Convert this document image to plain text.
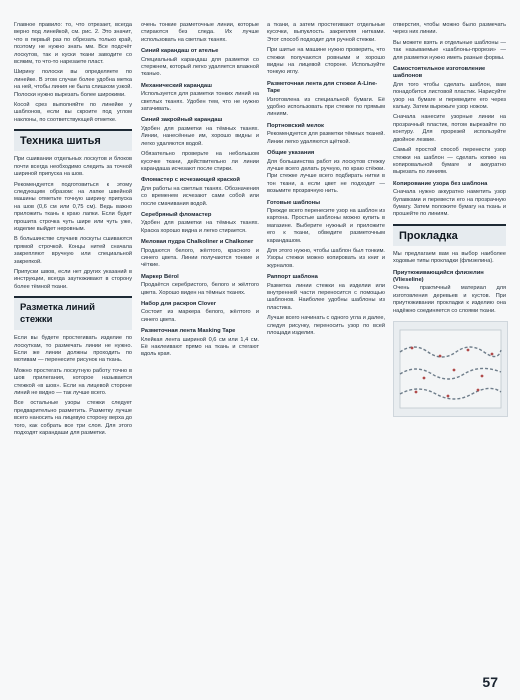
Главное правило: то, что отрезает, всегда верно под линейкой, см. рис. 2. Это значит, что в первый раз по обрезать только край, поэтому не нужно знать мм. Все подсчёт лоскутов, так и куски ткани заводите со всяким, то что-то нарезаете пласт.

Ширину полоски вы определяете по линейке. В этом случае более удобна метка на ней, чтобы линия не была слишком узкой. Полоски нужно вырезать более широкими.

Косой срез выполняйте по линейке у шаблонов, если вы скроите под углом наклоны, по соответствующей отметке.

Техника шитья

При сшивании отдельных лоскутов и блоков почти всегда необходимо следить за точной шириной припуска на шов.

Рекомендуется подготовиться к этому следующим образом: на лапке швейной машины отметьте точную ширину припуска на шов (0,6 см или 0,75 см). Ведь важно приложить ткань к краю лапки. Если будет прошита строчка чуть шире или чуть уже, изделие выйдет неровным.

В большинстве случаев лоскуты сшиваются прямой строчкой. Концы нитей сначала закрепляют вручную или специальной закрепкой.

Припуски швов, если нет других указаний в инструкции, всегда заутюживают в сторону более тёмной ткани.

Разметка линий стежки

Если вы будете простегивать изделие по лоскуткам, то размечать линии не нужно. Если же линии должны проходить по мотивам — перенесите рисунок на ткань.

Можно простегать лоскутную работу точно в шов прилегания, которое называется стежкой «в шов». Если на лицевой стороне линий не видно — так лучше всего.

Все остальные узоры стежки следует предварительно разметить. Разметку лучше всего наносить на лицевую сторону верха до того, как собрать все три слоя. Для этого подходят карандаши для разметки.

очень тонкие разметочные линии, которые стираются без следа. Их лучше использовать на светлых тканях.

Синий карандаш от ателье

Специальный карандаш для разметки со стержнем, который легко удаляется влажной тканью.

Механический карандаш

Используется для разметки тонких линий на светлых тканях. Удобен тем, что не нужно затачивать.

Синий закройный карандаш

Удобен для разметки на тёмных тканях. Линии, нанесённые им, хорошо видны и легко удаляются водой.

Обязательно проверьте на небольшом кусочке ткани, действительно ли линии карандаша исчезают после стирки.

Фломастер с исчезающей краской

Для работы на светлых тканях. Обозначения со временем исчезают сами собой или после смачивания водой.

Серебряный фломастер

Удобен для разметки на тёмных тканях. Краска хорошо видна и легко стирается.

Меловая пудра Chalkoliner и Chalkoner

Продаются белого, жёлтого, красного и синего цвета. Линии получаются тонкие и чёткие.

Маркер Bérol

Продаётся серебристого, белого и жёлтого цвета. Хорошо виден на тёмных тканях.

Набор для раскроя Clover

Состоит из маркера белого, жёлтого и синего цвета.

Разметочная лента Masking Tape

Клейкая лента шириной 0,6 см или 1,4 см. Её наклеивают прямо на ткань и стегают вдоль края.

а ткани, а затем простегивают отдельные кусочки, выпуклость закрепляя нитками. Этот способ подходит для ручной стежки.

При шитье на машине нужно проверить, что стежки получаются ровными и хорошо видны на лицевой стороне. Используйте тонкую иглу.

Разметочная лента для стежки A-Line-Tape

Изготовлена из специальной бумаги. Её удобно использовать при стежке по прямым линиям.

Портновский мелок

Рекомендуется для разметки тёмных тканей. Линии легко удаляются щёткой.

Общие указания

Для большинства работ из лоскутов стежку лучше всего делать ручную, по краю стёжки. При стежке лучше всего подбирать нитки в тон ткани, а если цвет не подходит — возьмите прозрачную нить.

Готовые шаблоны

Прежде всего перенесите узор на шаблон из картона. Простые шаблоны можно купить в магазине. Выберите нужный и приложите его к ткани, обведите разметочным карандашом.

Для этого нужно, чтобы шаблон был тонким. Узоры стежки можно копировать из книг и журналов.

Раппорт шаблона

Разметка линии стежки на изделии или внутренней части переносится с помощью шаблонов. Наиболее удобны шаблоны из пластика.

Лучше всего начинать с одного угла и далее, следуя рисунку, переносить узор по всей площади изделия.

отверстия, чтобы можно было размечать через них линии.

Вы можете взять и отдельные шаблоны — так называемые «шаблоны-прорези» — для разметки нужно иметь разные формы.

Самостоятельное изготовление шаблонов

Для того чтобы сделать шаблон, вам понадобится листовой пластик. Нарисуйте узор на бумаге и переведите его через кальку. Затем вырежьте узор ножом.

Сначала нанесите узорные линии на прозрачный пластик, потом вырезайте по контуру. Для прорезей используйте двойное лезвие.

Самый простой способ перенести узор стежки на шаблон — сделать копию на копировальной бумаге и аккуратно вырезать по линиям.

Копирование узора без шаблона

Сначала нужно аккуратно наметить узор булавками и перевести его на прозрачную бумагу. Затем положите бумагу на ткань и прошейте по линиям.

Прокладка

Мы предлагаем вам на выбор наиболее ходовые типы прокладки (флизелина).

Приутюживающийся флизелин (Vlieseline)

Очень практичный материал для изготовления деревьев и кустов. При приутюживании прокладки к изделию она надёжно соединяется со слоями ткани.

57
